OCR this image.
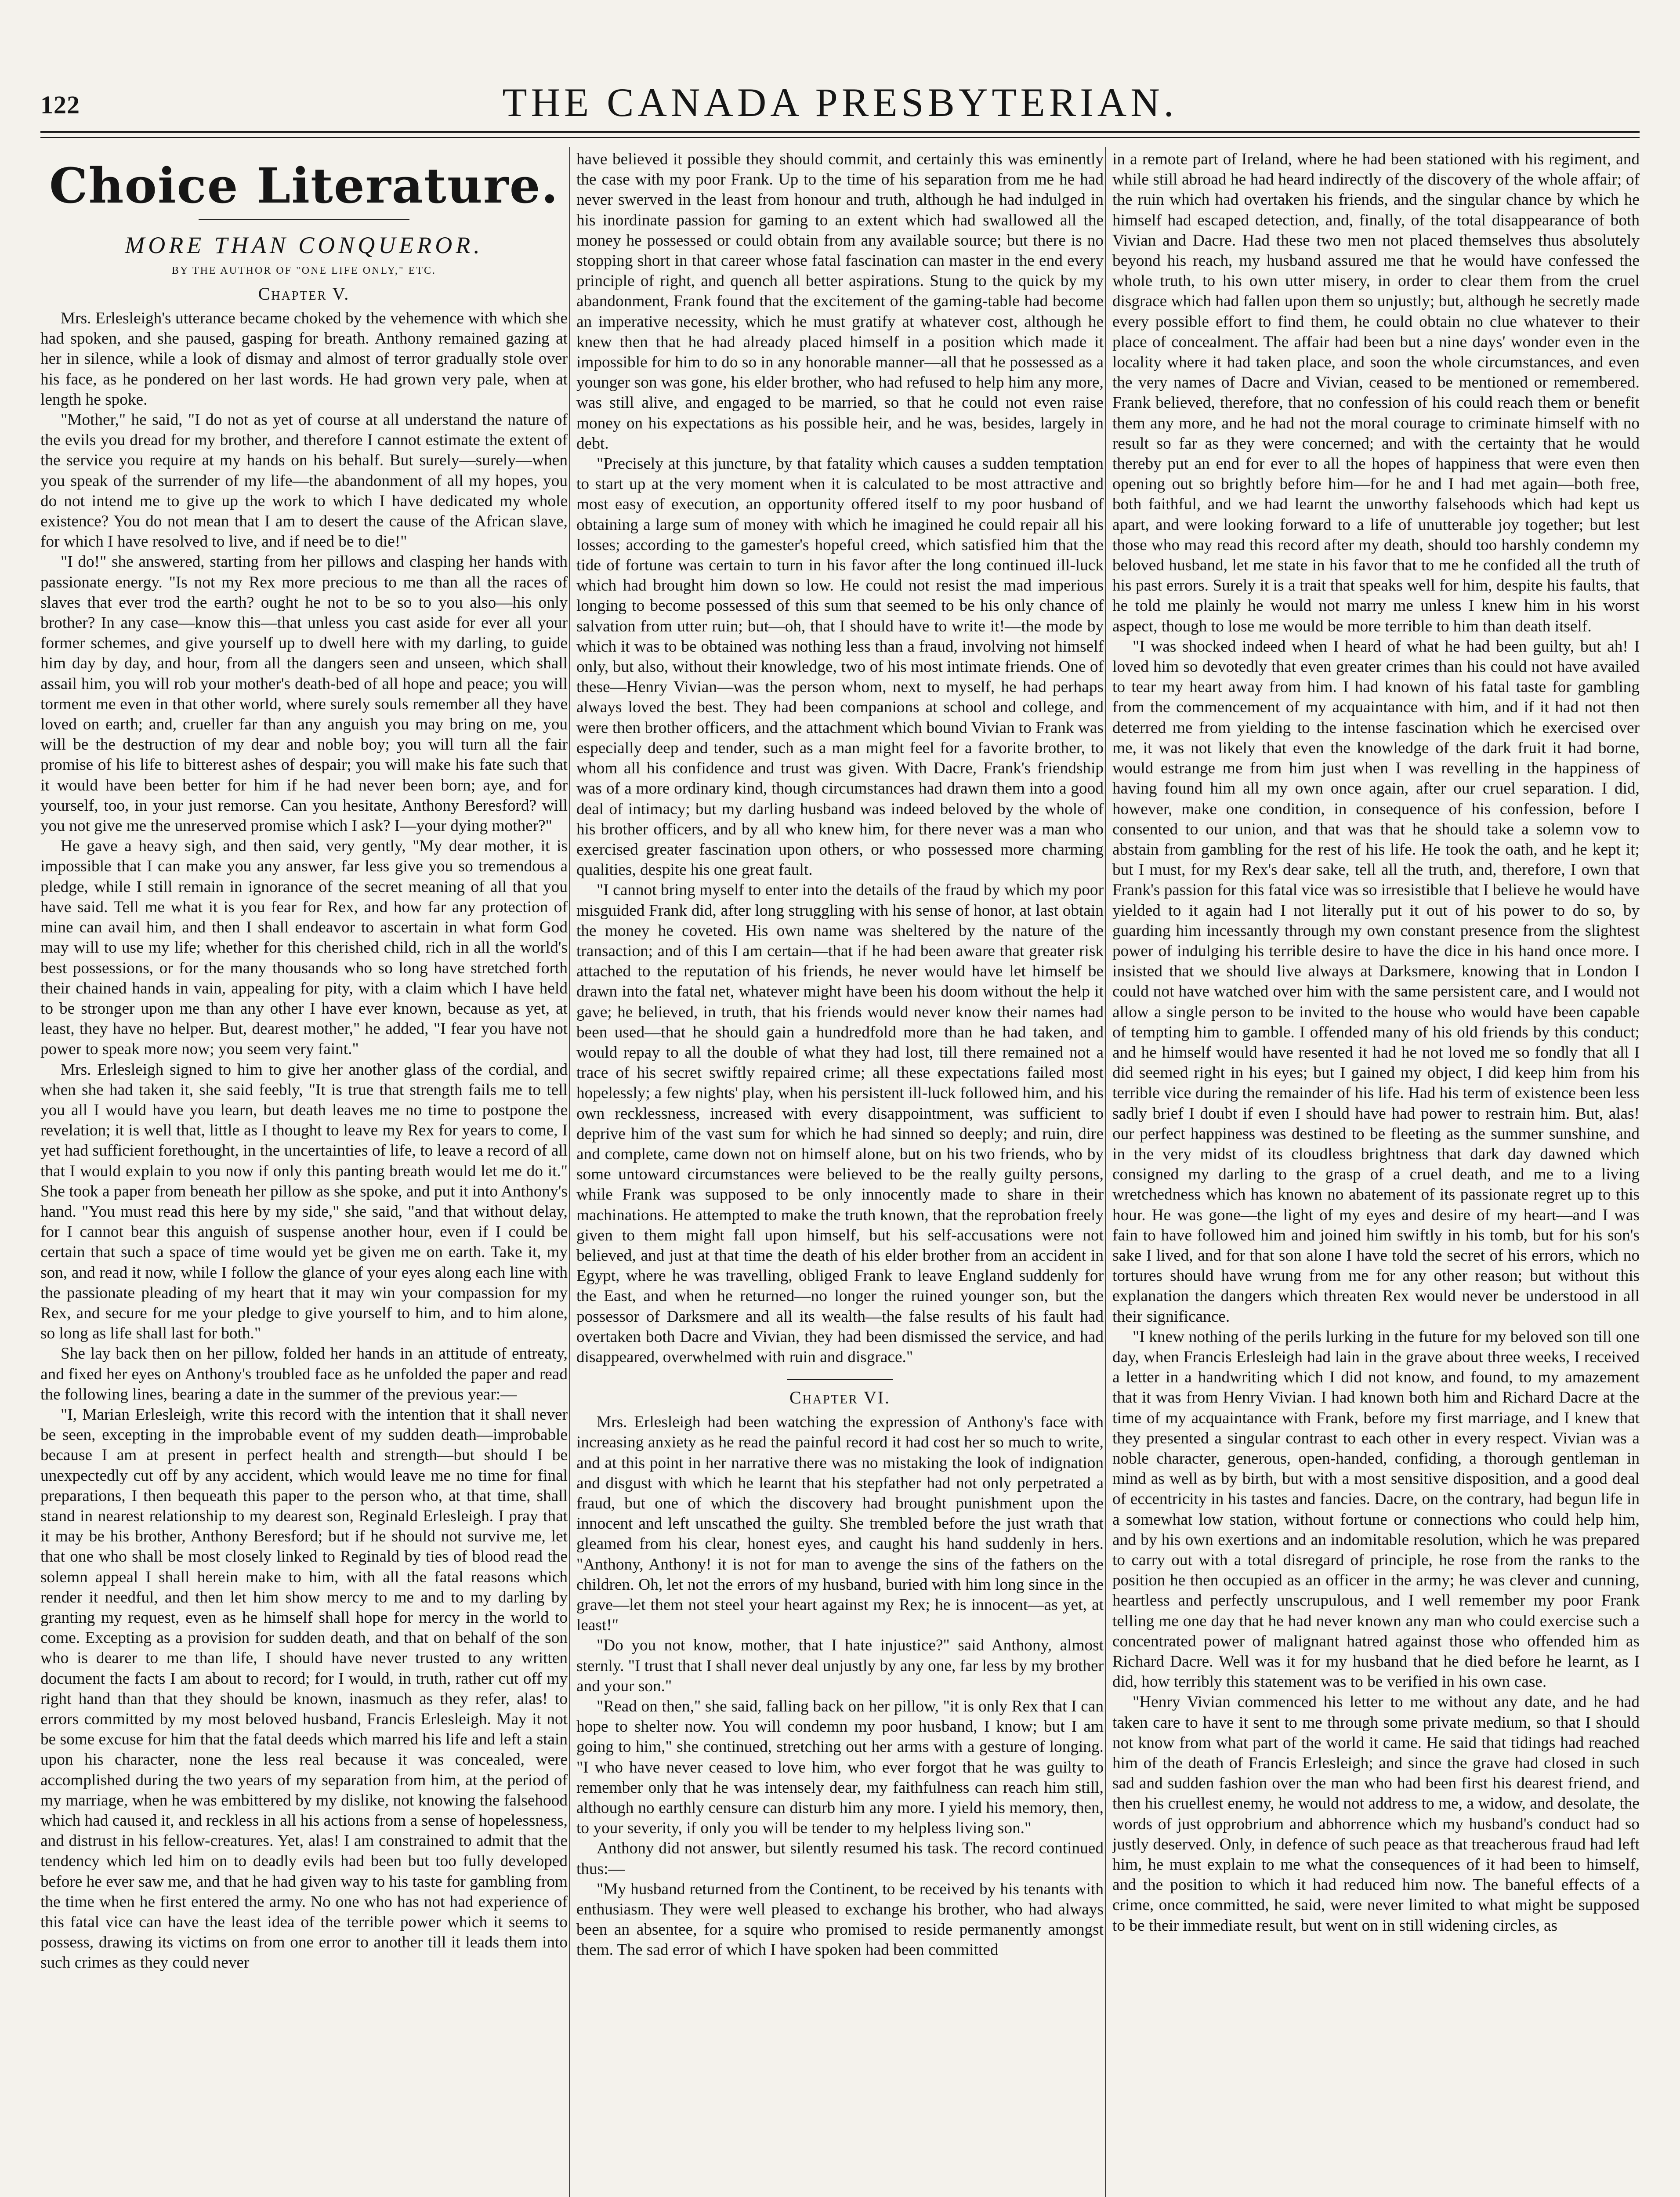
122	THE CANADA PRESBYTERIAN.
Choice Literature.
MORE THAN CONQUEROR.
BY THE AUTHOR OF "ONE LIFE ONLY," ETC.
Chapter V.

Mrs. Erlesleigh's utterance became choked by the vehemence with which she had spoken, and she paused, gasping for breath. Anthony remained gazing at her in silence, while a look of dismay and almost of terror gradually stole over his face, as he pondered on her last words. He had grown very pale, when at length he spoke.

"Mother," he said, "I do not as yet of course at all understand the nature of the evils you dread for my brother, and therefore I cannot estimate the extent of the service you require at my hands on his behalf. But surely—surely—when you speak of the surrender of my life—the abandonment of all my hopes, you do not intend me to give up the work to which I have dedicated my whole existence? You do not mean that I am to desert the cause of the African slave, for which I have resolved to live, and if need be to die!"

"I do!" she answered, starting from her pillows and clasping her hands with passionate energy. "Is not my Rex more precious to me than all the races of slaves that ever trod the earth? ought he not to be so to you also—his only brother? In any case—know this—that unless you cast aside for ever all your former schemes, and give yourself up to dwell here with my darling, to guide him day by day, and hour, from all the dangers seen and unseen, which shall assail him, you will rob your mother's death-bed of all hope and peace; you will torment me even in that other world, where surely souls remember all they have loved on earth; and, crueller far than any anguish you may bring on me, you will be the destruction of my dear and noble boy; you will turn all the fair promise of his life to bitterest ashes of despair; you will make his fate such that it would have been better for him if he had never been born; aye, and for yourself, too, in your just remorse. Can you hesitate, Anthony Beresford? will you not give me the unreserved promise which I ask? I—your dying mother?"

He gave a heavy sigh, and then said, very gently, "My dear mother, it is impossible that I can make you any answer, far less give you so tremendous a pledge, while I still remain in ignorance of the secret meaning of all that you have said. Tell me what it is you fear for Rex, and how far any protection of mine can avail him, and then I shall endeavor to ascertain in what form God may will to use my life; whether for this cherished child, rich in all the world's best possessions, or for the many thousands who so long have stretched forth their chained hands in vain, appealing for pity, with a claim which I have held to be stronger upon me than any other I have ever known, because as yet, at least, they have no helper. But, dearest mother," he added, "I fear you have not power to speak more now; you seem very faint."

Mrs. Erlesleigh signed to him to give her another glass of the cordial, and when she had taken it, she said feebly, "It is true that strength fails me to tell you all I would have you learn, but death leaves me no time to postpone the revelation; it is well that, little as I thought to leave my Rex for years to come, I yet had sufficient forethought, in the uncertainties of life, to leave a record of all that I would explain to you now if only this panting breath would let me do it." She took a paper from beneath her pillow as she spoke, and put it into Anthony's hand. "You must read this here by my side," she said, "and that without delay, for I cannot bear this anguish of suspense another hour, even if I could be certain that such a space of time would yet be given me on earth. Take it, my son, and read it now, while I follow the glance of your eyes along each line with the passionate pleading of my heart that it may win your compassion for my Rex, and secure for me your pledge to give yourself to him, and to him alone, so long as life shall last for both."

She lay back then on her pillow, folded her hands in an attitude of entreaty, and fixed her eyes on Anthony's troubled face as he unfolded the paper and read the following lines, bearing a date in the summer of the previous year:—

"I, Marian Erlesleigh, write this record with the intention that it shall never be seen, excepting in the improbable event of my sudden death—improbable because I am at present in perfect health and strength—but should I be unexpectedly cut off by any accident, which would leave me no time for final preparations, I then bequeath this paper to the person who, at that time, shall stand in nearest relationship to my dearest son, Reginald Erlesleigh. I pray that it may be his brother, Anthony Beresford; but if he should not survive me, let that one who shall be most closely linked to Reginald by ties of blood read the solemn appeal I shall herein make to him, with all the fatal reasons which render it needful, and then let him show mercy to me and to my darling by granting my request, even as he himself shall hope for mercy in the world to come. Excepting as a provision for sudden death, and that on behalf of the son who is dearer to me than life, I should have never trusted to any written document the facts I am about to record; for I would, in truth, rather cut off my right hand than that they should be known, inasmuch as they refer, alas! to errors committed by my most beloved husband, Francis Erlesleigh. May it not be some excuse for him that the fatal deeds which marred his life and left a stain upon his character, none the less real because it was concealed, were accomplished during the two years of my separation from him, at the period of my marriage, when he was embittered by my dislike, not knowing the falsehood which had caused it, and reckless in all his actions from a sense of hopelessness, and distrust in his fellow-creatures. Yet, alas! I am constrained to admit that the tendency which led him on to deadly evils had been but too fully developed before he ever saw me, and that he had given way to his taste for gambling from the time when he first entered the army. No one who has not had experience of this fatal vice can have the least idea of the terrible power which it seems to possess, drawing its victims on from one error to another till it leads them into such crimes as they could never

have believed it possible they should commit, and certainly this was eminently the case with my poor Frank. Up to the time of his separation from me he had never swerved in the least from honour and truth, although he had indulged in his inordinate passion for gaming to an extent which had swallowed all the money he possessed or could obtain from any available source; but there is no stopping short in that career whose fatal fascination can master in the end every principle of right, and quench all better aspirations. Stung to the quick by my abandonment, Frank found that the excitement of the gaming-table had become an imperative necessity, which he must gratify at whatever cost, although he knew then that he had already placed himself in a position which made it impossible for him to do so in any honorable manner—all that he possessed as a younger son was gone, his elder brother, who had refused to help him any more, was still alive, and engaged to be married, so that he could not even raise money on his expectations as his possible heir, and he was, besides, largely in debt.

"Precisely at this juncture, by that fatality which causes a sudden temptation to start up at the very moment when it is calculated to be most attractive and most easy of execution, an opportunity offered itself to my poor husband of obtaining a large sum of money with which he imagined he could repair all his losses; according to the gamester's hopeful creed, which satisfied him that the tide of fortune was certain to turn in his favor after the long continued ill-luck which had brought him down so low. He could not resist the mad imperious longing to become possessed of this sum that seemed to be his only chance of salvation from utter ruin; but—oh, that I should have to write it!—the mode by which it was to be obtained was nothing less than a fraud, involving not himself only, but also, without their knowledge, two of his most intimate friends. One of these—Henry Vivian—was the person whom, next to myself, he had perhaps always loved the best. They had been companions at school and college, and were then brother officers, and the attachment which bound Vivian to Frank was especially deep and tender, such as a man might feel for a favorite brother, to whom all his confidence and trust was given. With Dacre, Frank's friendship was of a more ordinary kind, though circumstances had drawn them into a good deal of intimacy; but my darling husband was indeed beloved by the whole of his brother officers, and by all who knew him, for there never was a man who exercised greater fascination upon others, or who possessed more charming qualities, despite his one great fault.

"I cannot bring myself to enter into the details of the fraud by which my poor misguided Frank did, after long struggling with his sense of honor, at last obtain the money he coveted. His own name was sheltered by the nature of the transaction; and of this I am certain—that if he had been aware that greater risk attached to the reputation of his friends, he never would have let himself be drawn into the fatal net, whatever might have been his doom without the help it gave; he believed, in truth, that his friends would never know their names had been used—that he should gain a hundredfold more than he had taken, and would repay to all the double of what they had lost, till there remained not a trace of his secret swiftly repaired crime; all these expectations failed most hopelessly; a few nights' play, when his persistent ill-luck followed him, and his own recklessness, increased with every disappointment, was sufficient to deprive him of the vast sum for which he had sinned so deeply; and ruin, dire and complete, came down not on himself alone, but on his two friends, who by some untoward circumstances were believed to be the really guilty persons, while Frank was supposed to be only innocently made to share in their machinations. He attempted to make the truth known, that the reprobation freely given to them might fall upon himself, but his self-accusations were not believed, and just at that time the death of his elder brother from an accident in Egypt, where he was travelling, obliged Frank to leave England suddenly for the East, and when he returned—no longer the ruined younger son, but the possessor of Darksmere and all its wealth—the false results of his fault had overtaken both Dacre and Vivian, they had been dismissed the service, and had disappeared, overwhelmed with ruin and disgrace."

Chapter VI.

Mrs. Erlesleigh had been watching the expression of Anthony's face with increasing anxiety as he read the painful record it had cost her so much to write, and at this point in her narrative there was no mistaking the look of indignation and disgust with which he learnt that his stepfather had not only perpetrated a fraud, but one of which the discovery had brought punishment upon the innocent and left unscathed the guilty. She trembled before the just wrath that gleamed from his clear, honest eyes, and caught his hand suddenly in hers. "Anthony, Anthony! it is not for man to avenge the sins of the fathers on the children. Oh, let not the errors of my husband, buried with him long since in the grave—let them not steel your heart against my Rex; he is innocent—as yet, at least!"

"Do you not know, mother, that I hate injustice?" said Anthony, almost sternly. "I trust that I shall never deal unjustly by any one, far less by my brother and your son."

"Read on then," she said, falling back on her pillow, "it is only Rex that I can hope to shelter now. You will condemn my poor husband, I know; but I am going to him," she continued, stretching out her arms with a gesture of longing. "I who have never ceased to love him, who ever forgot that he was guilty to remember only that he was intensely dear, my faithfulness can reach him still, although no earthly censure can disturb him any more. I yield his memory, then, to your severity, if only you will be tender to my helpless living son."

Anthony did not answer, but silently resumed his task. The record continued thus:—

"My husband returned from the Continent, to be received by his tenants with enthusiasm. They were well pleased to exchange his brother, who had always been an absentee, for a squire who promised to reside permanently amongst them. The sad error of which I have spoken had been committed

in a remote part of Ireland, where he had been stationed with his regiment, and while still abroad he had heard indirectly of the discovery of the whole affair; of the ruin which had overtaken his friends, and the singular chance by which he himself had escaped detection, and, finally, of the total disappearance of both Vivian and Dacre. Had these two men not placed themselves thus absolutely beyond his reach, my husband assured me that he would have confessed the whole truth, to his own utter misery, in order to clear them from the cruel disgrace which had fallen upon them so unjustly; but, although he secretly made every possible effort to find them, he could obtain no clue whatever to their place of concealment. The affair had been but a nine days' wonder even in the locality where it had taken place, and soon the whole circumstances, and even the very names of Dacre and Vivian, ceased to be mentioned or remembered. Frank believed, therefore, that no confession of his could reach them or benefit them any more, and he had not the moral courage to criminate himself with no result so far as they were concerned; and with the certainty that he would thereby put an end for ever to all the hopes of happiness that were even then opening out so brightly before him—for he and I had met again—both free, both faithful, and we had learnt the unworthy falsehoods which had kept us apart, and were looking forward to a life of unutterable joy together; but lest those who may read this record after my death, should too harshly condemn my beloved husband, let me state in his favor that to me he confided all the truth of his past errors. Surely it is a trait that speaks well for him, despite his faults, that he told me plainly he would not marry me unless I knew him in his worst aspect, though to lose me would be more terrible to him than death itself.

"I was shocked indeed when I heard of what he had been guilty, but ah! I loved him so devotedly that even greater crimes than his could not have availed to tear my heart away from him. I had known of his fatal taste for gambling from the commencement of my acquaintance with him, and if it had not then deterred me from yielding to the intense fascination which he exercised over me, it was not likely that even the knowledge of the dark fruit it had borne, would estrange me from him just when I was revelling in the happiness of having found him all my own once again, after our cruel separation. I did, however, make one condition, in consequence of his confession, before I consented to our union, and that was that he should take a solemn vow to abstain from gambling for the rest of his life. He took the oath, and he kept it; but I must, for my Rex's dear sake, tell all the truth, and, therefore, I own that Frank's passion for this fatal vice was so irresistible that I believe he would have yielded to it again had I not literally put it out of his power to do so, by guarding him incessantly through my own constant presence from the slightest power of indulging his terrible desire to have the dice in his hand once more. I insisted that we should live always at Darksmere, knowing that in London I could not have watched over him with the same persistent care, and I would not allow a single person to be invited to the house who would have been capable of tempting him to gamble. I offended many of his old friends by this conduct; and he himself would have resented it had he not loved me so fondly that all I did seemed right in his eyes; but I gained my object, I did keep him from his terrible vice during the remainder of his life. Had his term of existence been less sadly brief I doubt if even I should have had power to restrain him. But, alas! our perfect happiness was destined to be fleeting as the summer sunshine, and in the very midst of its cloudless brightness that dark day dawned which consigned my darling to the grasp of a cruel death, and me to a living wretchedness which has known no abatement of its passionate regret up to this hour. He was gone—the light of my eyes and desire of my heart—and I was fain to have followed him and joined him swiftly in his tomb, but for his son's sake I lived, and for that son alone I have told the secret of his errors, which no tortures should have wrung from me for any other reason; but without this explanation the dangers which threaten Rex would never be understood in all their significance.

"I knew nothing of the perils lurking in the future for my beloved son till one day, when Francis Erlesleigh had lain in the grave about three weeks, I received a letter in a handwriting which I did not know, and found, to my amazement that it was from Henry Vivian. I had known both him and Richard Dacre at the time of my acquaintance with Frank, before my first marriage, and I knew that they presented a singular contrast to each other in every respect. Vivian was a noble character, generous, open-handed, confiding, a thorough gentleman in mind as well as by birth, but with a most sensitive disposition, and a good deal of eccentricity in his tastes and fancies. Dacre, on the contrary, had begun life in a somewhat low station, without fortune or connections who could help him, and by his own exertions and an indomitable resolution, which he was prepared to carry out with a total disregard of principle, he rose from the ranks to the position he then occupied as an officer in the army; he was clever and cunning, heartless and perfectly unscrupulous, and I well remember my poor Frank telling me one day that he had never known any man who could exercise such a concentrated power of malignant hatred against those who offended him as Richard Dacre. Well was it for my husband that he died before he learnt, as I did, how terribly this statement was to be verified in his own case.

"Henry Vivian commenced his letter to me without any date, and he had taken care to have it sent to me through some private medium, so that I should not know from what part of the world it came. He said that tidings had reached him of the death of Francis Erlesleigh; and since the grave had closed in such sad and sudden fashion over the man who had been first his dearest friend, and then his cruellest enemy, he would not address to me, a widow, and desolate, the words of just opprobrium and abhorrence which my husband's conduct had so justly deserved. Only, in defence of such peace as that treacherous fraud had left him, he must explain to me what the consequences of it had been to himself, and the position to which it had reduced him now. The baneful effects of a crime, once committed, he said, were never limited to what might be supposed to be their immediate result, but went on in still widening circles, as
